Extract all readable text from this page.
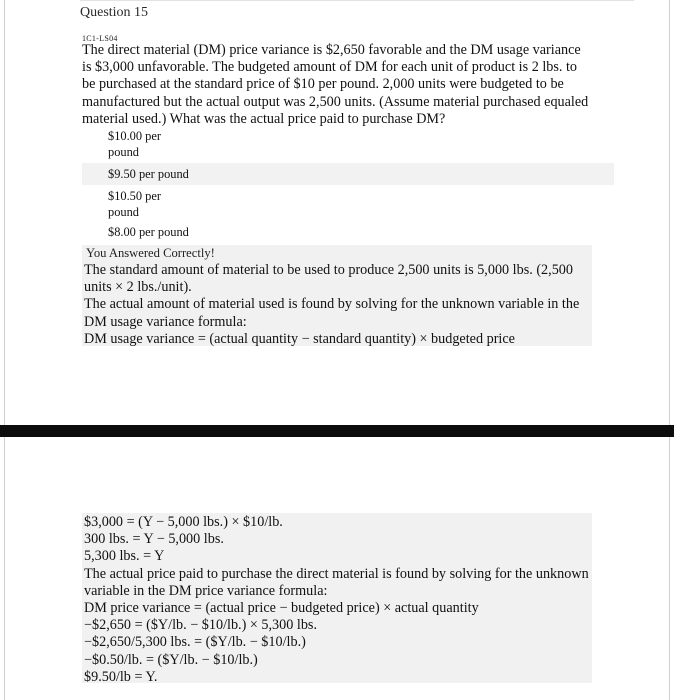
Question 15
1C1-LS04
The direct material (DM) price variance is $2,650 favorable and the DM usage variance is $3,000 unfavorable. The budgeted amount of DM for each unit of product is 2 lbs. to be purchased at the standard price of $10 per pound. 2,000 units were budgeted to be manufactured but the actual output was 2,500 units. (Assume material purchased equaled material used.) What was the actual price paid to purchase DM?
$10.00 per
pound
$9.50 per pound
$10.50 per
pound
$8.00 per pound
You Answered Correctly!

The standard amount of material to be used to produce 2,500 units is 5,000 lbs. (2,500 units × 2 lbs./unit).

The actual amount of material used is found by solving for the unknown variable in the DM usage variance formula:

DM usage variance = (actual quantity − standard quantity) × budgeted price

$3,000 = (Y − 5,000 lbs.) × $10/lb.

300 lbs. = Y − 5,000 lbs.

5,300 lbs. = Y

The actual price paid to purchase the direct material is found by solving for the unknown variable in the DM price variance formula:

DM price variance = (actual price − budgeted price) × actual quantity

−$2,650 = ($Y/lb. − $10/lb.) × 5,300 lbs.

−$2,650/5,300 lbs. = ($Y/lb. − $10/lb.)

−$0.50/lb. = ($Y/lb. − $10/lb.)

$9.50/lb = Y.
